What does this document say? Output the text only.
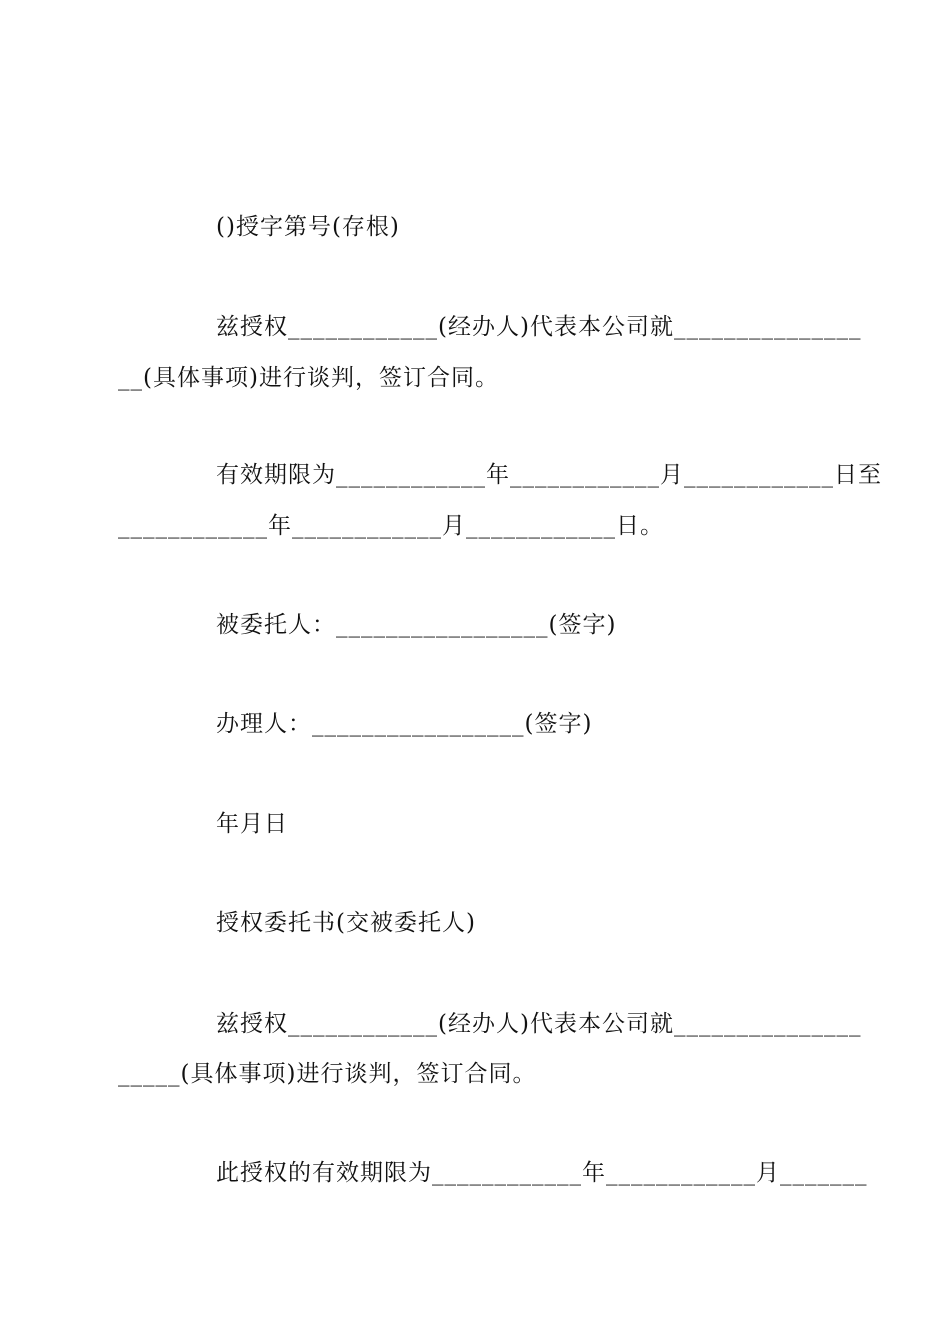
()授字第号(存根)
兹授权____________(经办人)代表本公司就_______________
__(具体事项)进行谈判，签订合同。
有效期限为____________年____________月____________日至
____________年____________月____________日。
被委托人：_________________(签字)
办理人：_________________(签字)
年月日
授权委托书(交被委托人)
兹授权____________(经办人)代表本公司就_______________
_____(具体事项)进行谈判，签订合同。
此授权的有效期限为____________年____________月_______
